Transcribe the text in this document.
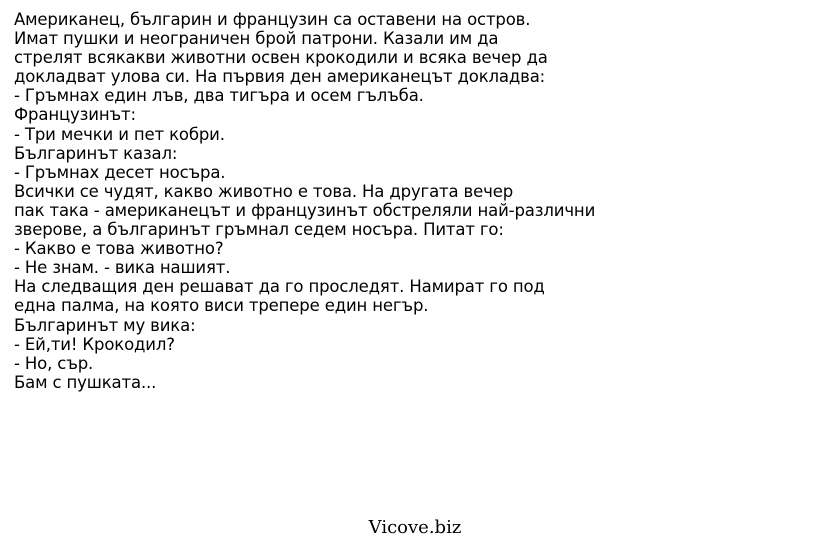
Американец, българин и французин са оставени на остров.
Имат пушки и неограничен брой патрони. Казали им да
стрелят всякакви животни освен крокодили и всяка вечер да
докладват улова си. На първия ден американецът докладва:
- Гръмнах един лъв, два тигъра и осем гълъба.
Французинът:
- Три мечки и пет кобри.
Българинът казал:
- Гръмнах десет носъра.
Всички се чудят, какво животно е това. На другата вечер
пак така - американецът и французинът обстреляли най-различни
зверове, а българинът гръмнал седем носъра. Питат го:
- Какво е това животно?
- Не знам. - вика нашият.
На следващия ден решават да го проследят. Намират го под
една палма, на която виси трепере един негър.
Българинът му вика:
- Ей,ти! Крокодил?
- Но, сър.
Бам с пушката...
Vicove.biz
